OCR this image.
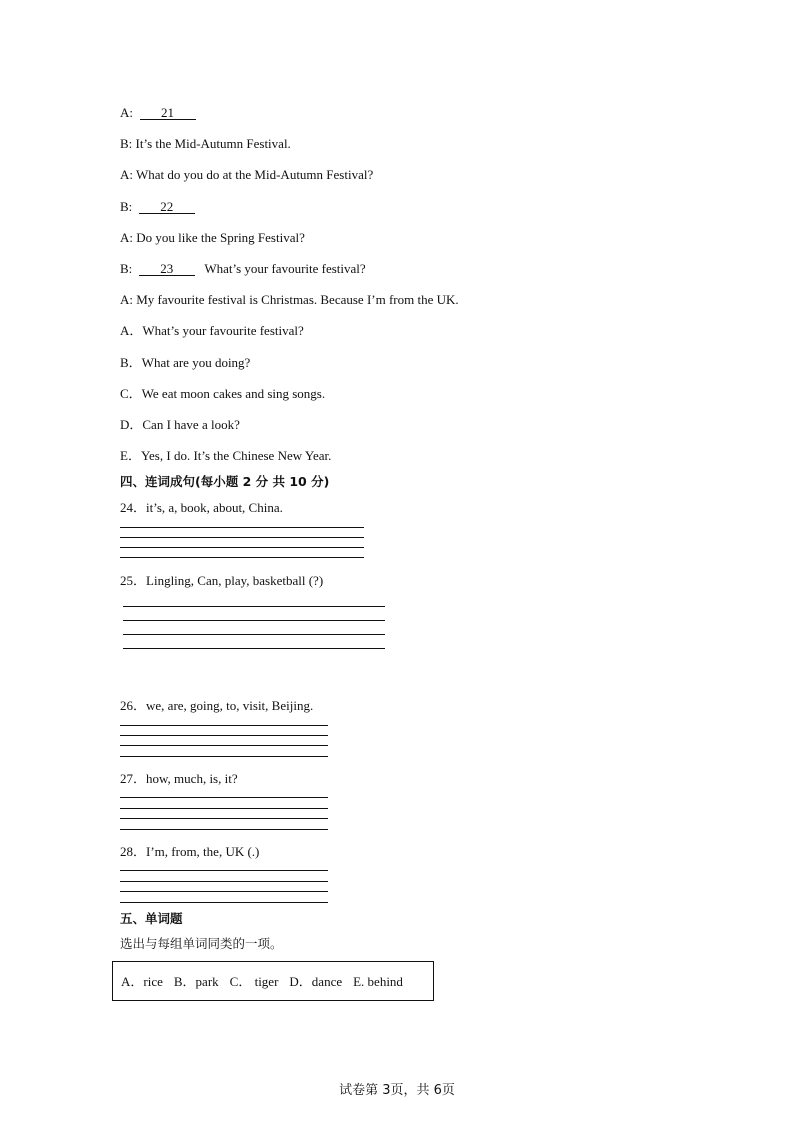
A: 21
B: It’s the Mid-Autumn Festival.
A: What do you do at the Mid-Autumn Festival?
B: 22
A: Do you like the Spring Festival?
B: 23 What’s your favourite festival?
A: My favourite festival is Christmas. Because I’m from the UK.
A．What’s your favourite festival?
B．What are you doing?
C．We eat moon cakes and sing songs.
D．Can I have a look?
E．Yes, I do. It’s the Chinese New Year.
四、连词成句(每小题 2 分 共 10 分)
24．it’s, a, book, about, China.
25．Lingling, Can, play, basketball (?)
26．we, are, going, to, visit, Beijing.
27．how, much, is, it?
28．I’m, from, the, UK (.)
五、单词题
选出与每组单词同类的一项。
A．rice B．park C． tiger D．dance E. behind
试卷第 3页，共 6页
